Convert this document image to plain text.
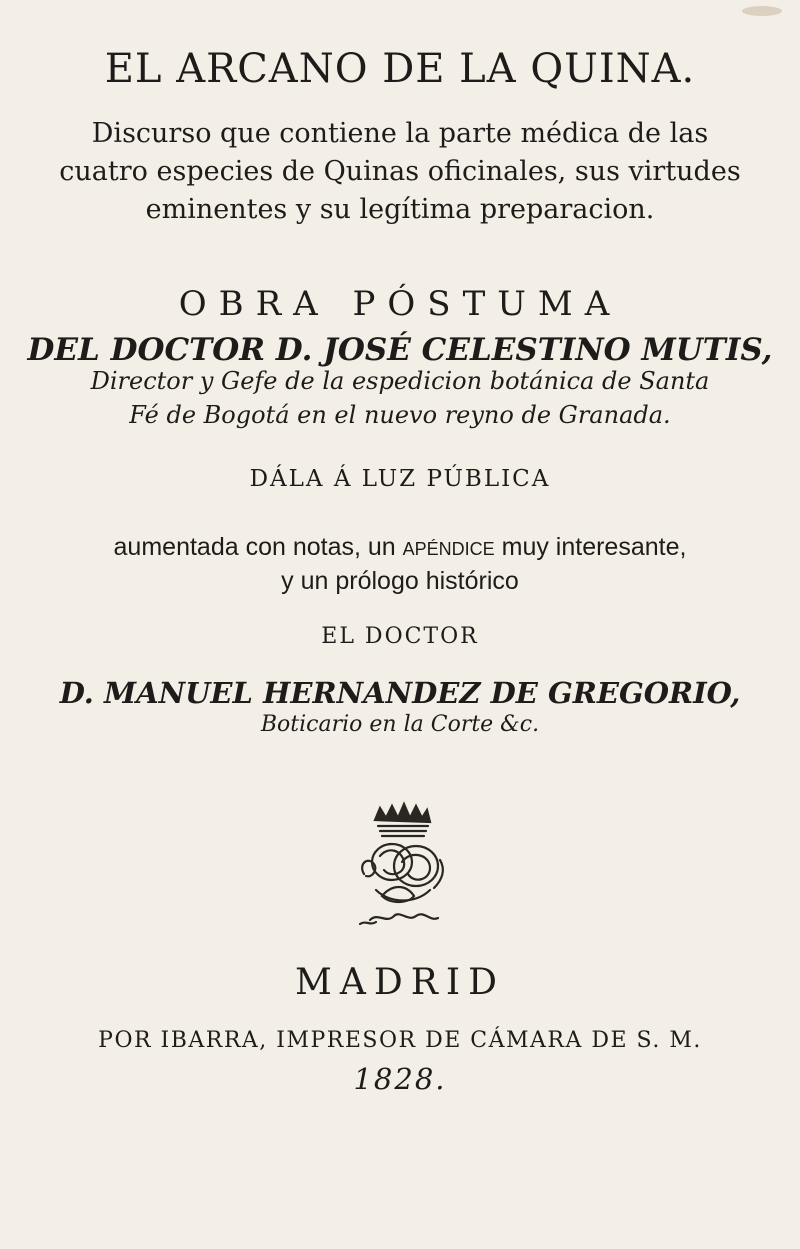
EL ARCANO DE LA QUINA.
Discurso que contiene la parte médica de las
cuatro especies de Quinas oficinales, sus virtudes
eminentes y su legítima preparacion.
OBRA PÓSTUMA
DEL DOCTOR D. JOSÉ CELESTINO MUTIS,
Director y Gefe de la espedicion botánica de Santa
Fé de Bogotá en el nuevo reyno de Granada.
DÁLA Á LUZ PÚBLICA
aumentada con notas, un apéndice muy interesante,
y un prólogo histórico
EL DOCTOR
D. MANUEL HERNANDEZ DE GREGORIO,
Boticario en la Corte &c.
MADRID
POR IBARRA, IMPRESOR DE CÁMARA DE S. M.
1828.
